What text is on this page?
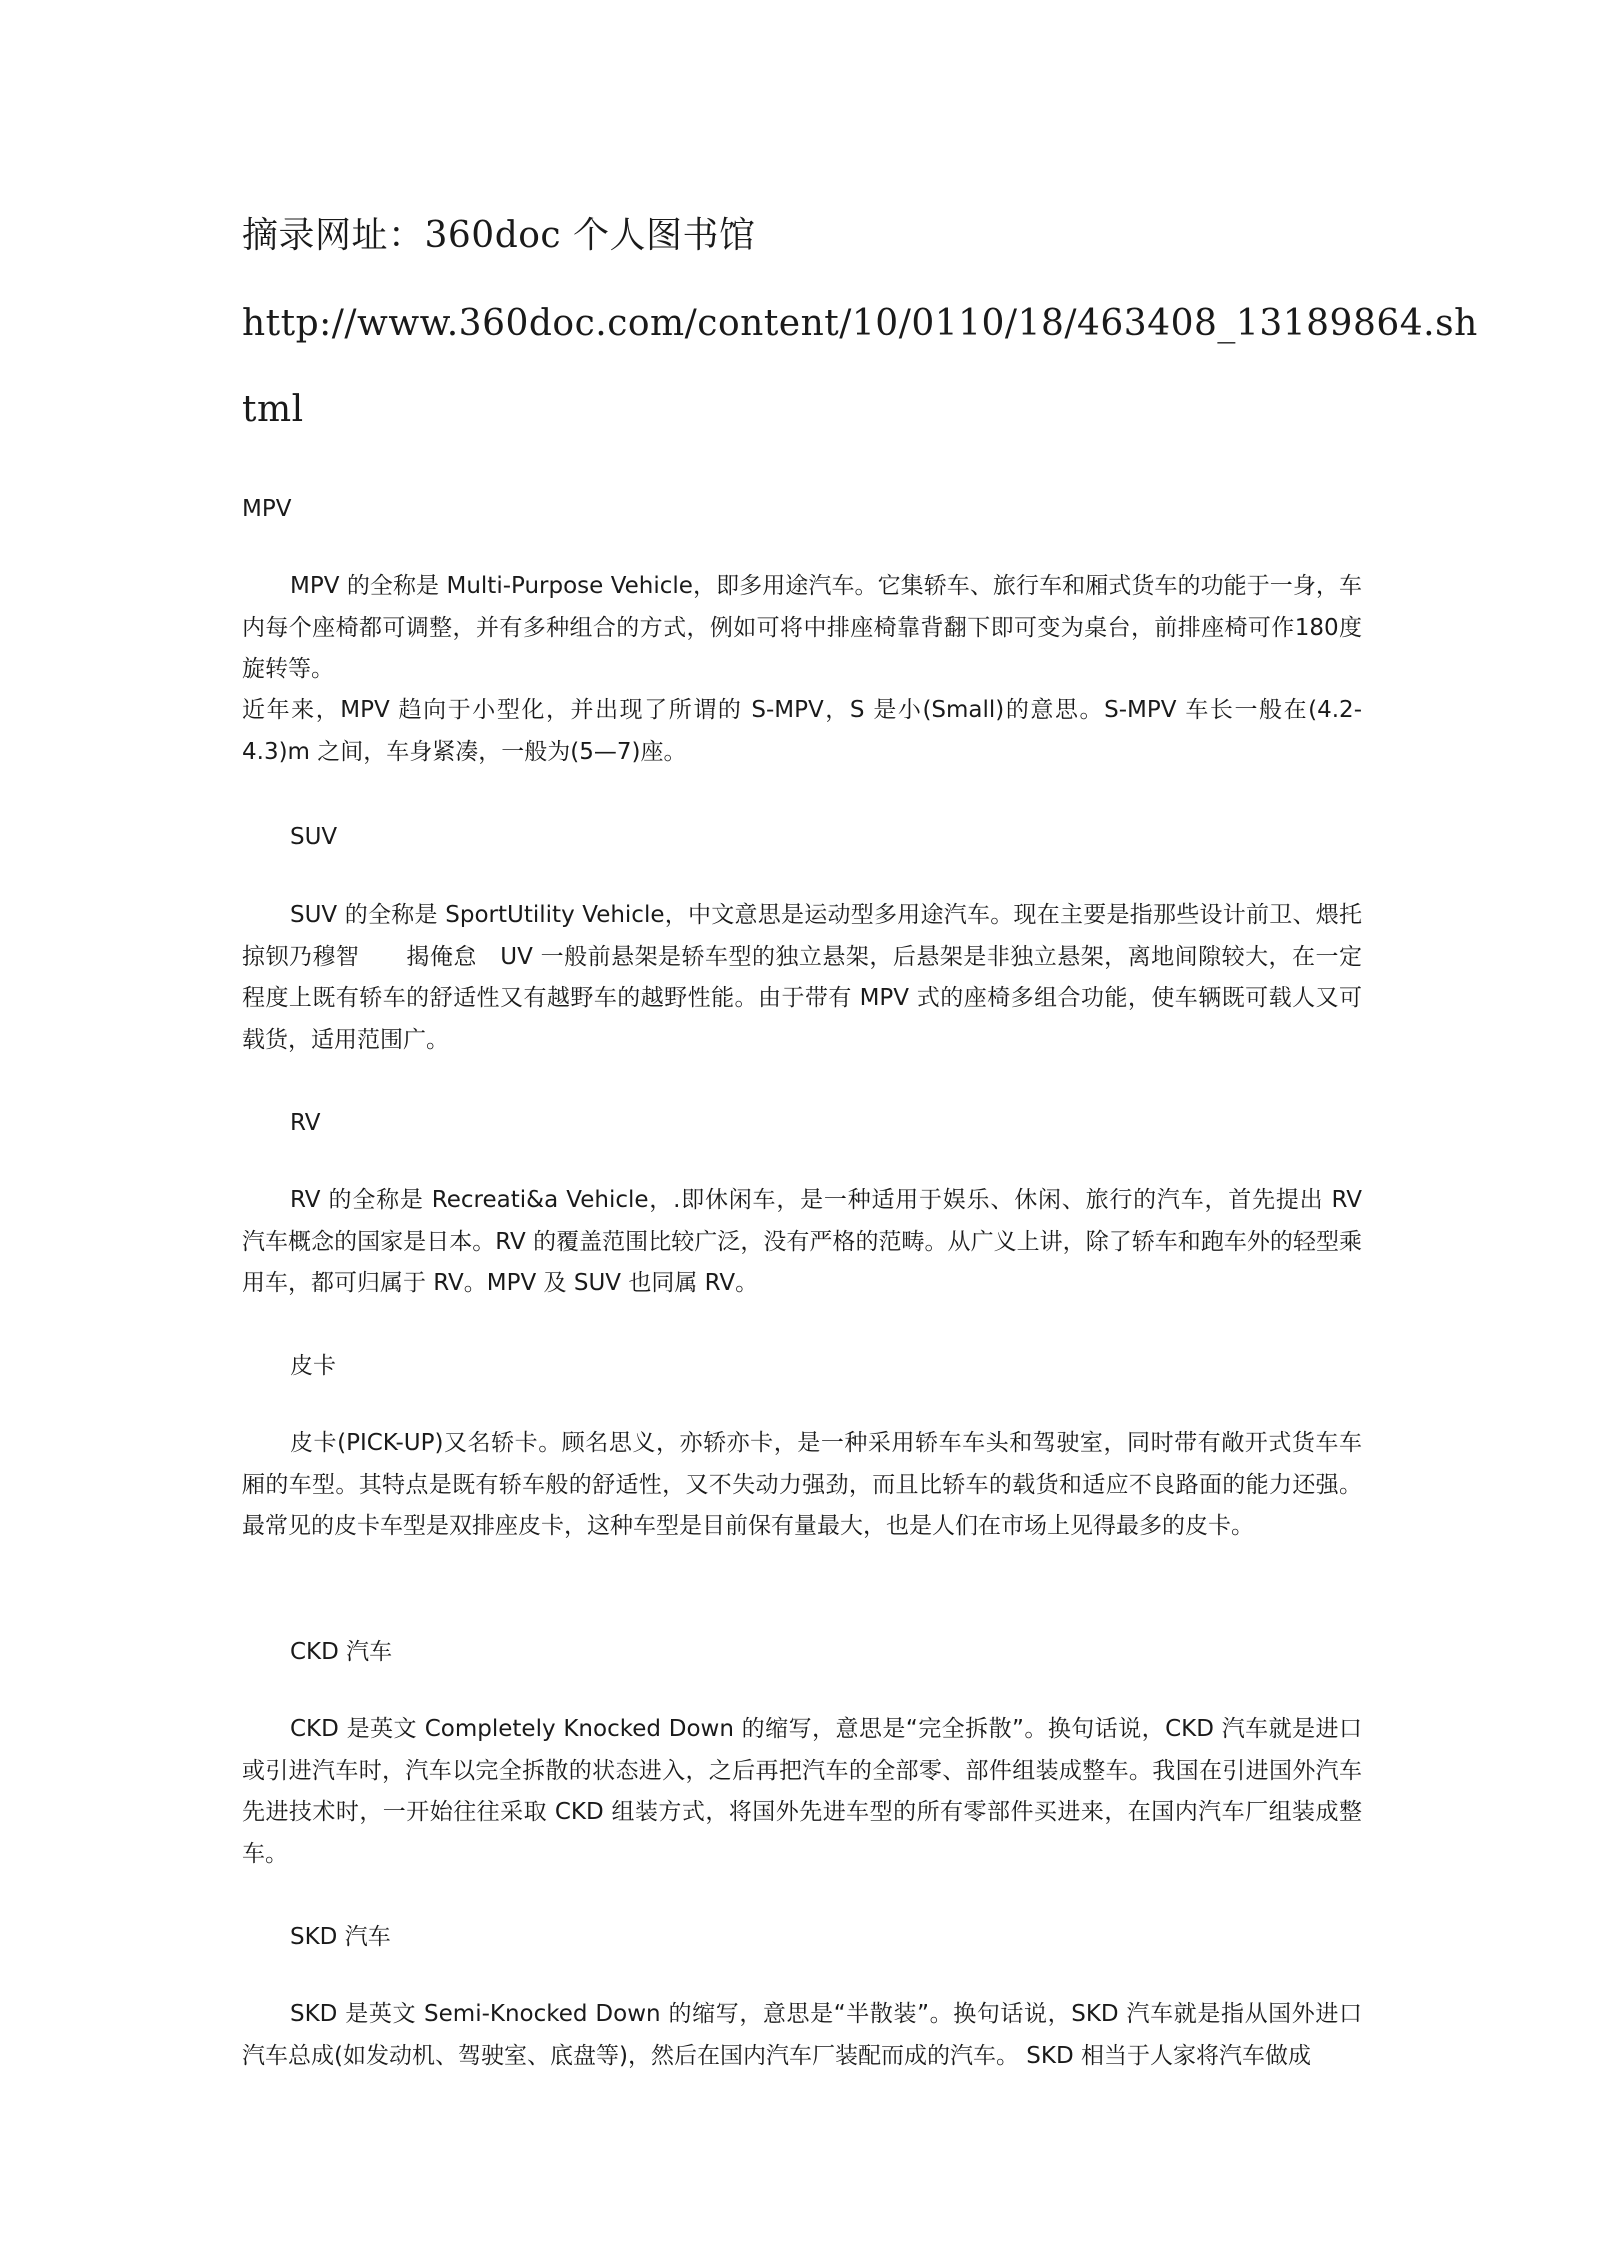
摘录网址：360doc 个人图书馆
http://www.360doc.com/content/10/0110/18/463408_13189864.sh
tml
MPV

MPV 的全称是 Multi-Purpose Vehicle，即多用途汽车。它集轿车、旅行车和厢式货车的功能于一身，车内每个座椅都可调整，并有多种组合的方式，例如可将中排座椅靠背翻下即可变为桌台，前排座椅可作180度旋转等。

近年来，MPV 趋向于小型化，并出现了所谓的 S-MPV，S 是小(Small)的意思。S-MPV 车长一般在(4.2-4.3)m 之间，车身紧凑，一般为(5—7)座。

SUV

SUV 的全称是 SportUtility Vehicle，中文意思是运动型多用途汽车。现在主要是指那些设计前卫、煨托掠钡乃穆智　　揭俺怠　UV 一般前悬架是轿车型的独立悬架，后悬架是非独立悬架，离地间隙较大，在一定程度上既有轿车的舒适性又有越野车的越野性能。由于带有 MPV 式的座椅多组合功能，使车辆既可载人又可载货，适用范围广。

RV

RV 的全称是 Recreati&a Vehicle，.即休闲车，是一种适用于娱乐、休闲、旅行的汽车，首先提出 RV 汽车概念的国家是日本。RV 的覆盖范围比较广泛，没有严格的范畴。从广义上讲，除了轿车和跑车外的轻型乘用车，都可归属于 RV。MPV 及 SUV 也同属 RV。

皮卡

皮卡(PICK-UP)又名轿卡。顾名思义，亦轿亦卡，是一种采用轿车车头和驾驶室，同时带有敞开式货车车厢的车型。其特点是既有轿车般的舒适性，又不失动力强劲，而且比轿车的载货和适应不良路面的能力还强。最常见的皮卡车型是双排座皮卡，这种车型是目前保有量最大，也是人们在市场上见得最多的皮卡。

CKD 汽车

CKD 是英文 Completely Knocked Down 的缩写，意思是“完全拆散”。换句话说，CKD 汽车就是进口或引进汽车时，汽车以完全拆散的状态进入，之后再把汽车的全部零、部件组装成整车。我国在引进国外汽车先进技术时，一开始往往采取 CKD 组装方式，将国外先进车型的所有零部件买进来，在国内汽车厂组装成整车。

SKD 汽车

SKD 是英文 Semi-Knocked Down 的缩写，意思是“半散装”。换句话说，SKD 汽车就是指从国外进口汽车总成(如发动机、驾驶室、底盘等)，然后在国内汽车厂装配而成的汽车。 SKD 相当于人家将汽车做成
